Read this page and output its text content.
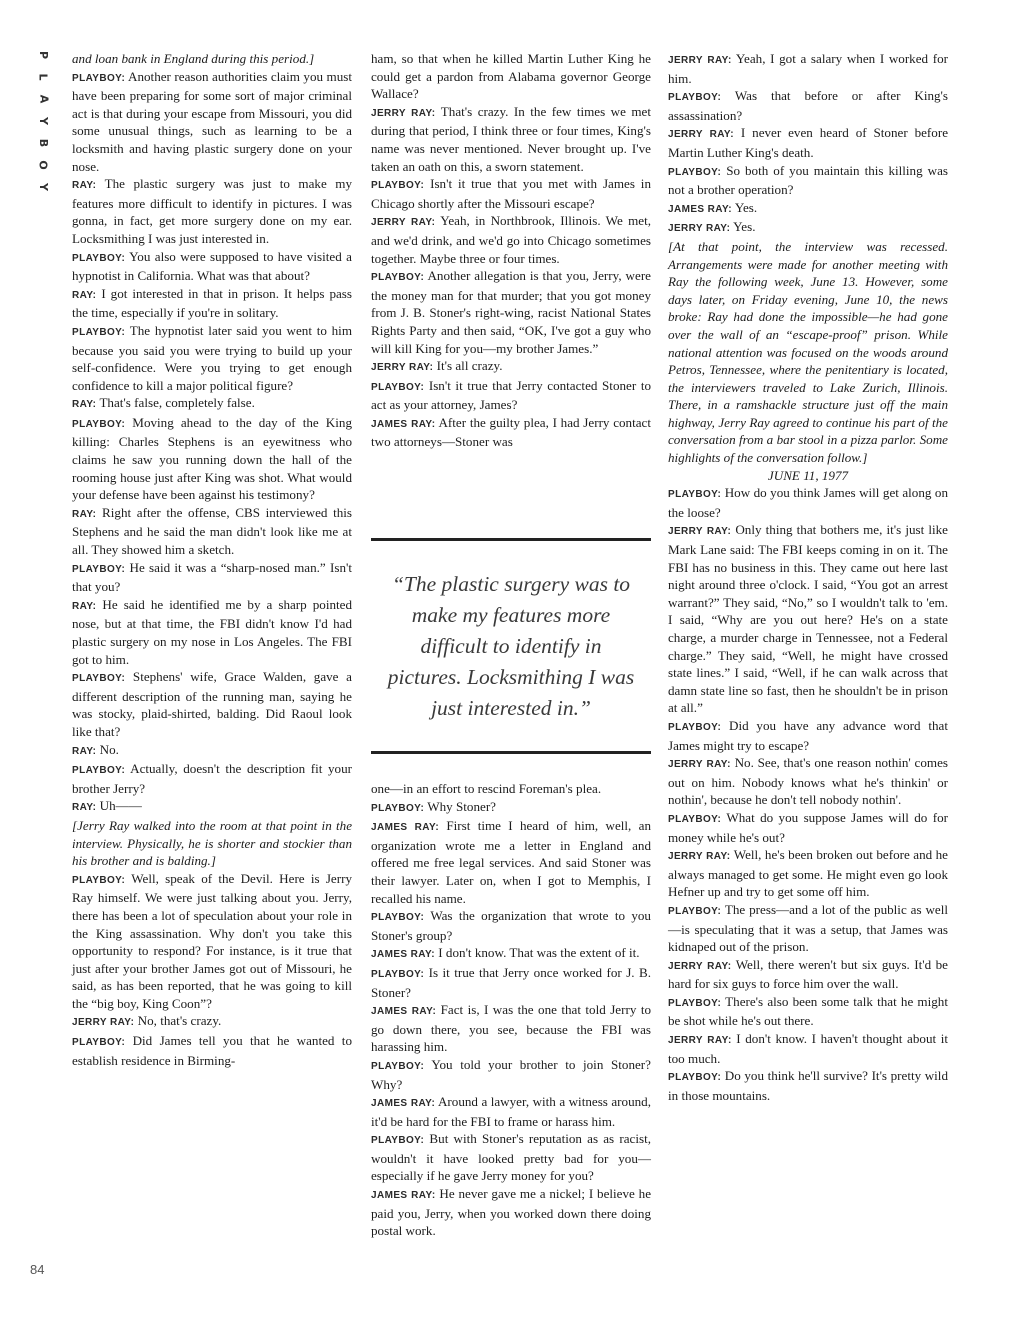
P
L
A
Y
B
O
Y

and loan bank in England during this period.]

PLAYBOY: Another reason authorities claim you must have been preparing for some sort of major criminal act is that during your escape from Missouri, you did some unusual things, such as learning to be a locksmith and having plastic surgery done on your nose.

RAY: The plastic surgery was just to make my features more difficult to identify in pictures. I was gonna, in fact, get more surgery done on my ear. Locksmithing I was just interested in.

PLAYBOY: You also were supposed to have visited a hypnotist in California. What was that about?

RAY: I got interested in that in prison. It helps pass the time, especially if you're in solitary.

PLAYBOY: The hypnotist later said you went to him because you said you were trying to build up your self-confidence. Were you trying to get enough confidence to kill a major political figure?

RAY: That's false, completely false.

PLAYBOY: Moving ahead to the day of the King killing: Charles Stephens is an eyewitness who claims he saw you running down the hall of the rooming house just after King was shot. What would your defense have been against his testimony?

RAY: Right after the offense, CBS interviewed this Stephens and he said the man didn't look like me at all. They showed him a sketch.

PLAYBOY: He said it was a “sharp-nosed man.” Isn't that you?

RAY: He said he identified me by a sharp pointed nose, but at that time, the FBI didn't know I'd had plastic surgery on my nose in Los Angeles. The FBI got to him.

PLAYBOY: Stephens' wife, Grace Walden, gave a different description of the running man, saying he was stocky, plaid-shirted, balding. Did Raoul look like that?

RAY: No.

PLAYBOY: Actually, doesn't the description fit your brother Jerry?

RAY: Uh——

[Jerry Ray walked into the room at that point in the interview. Physically, he is shorter and stockier than his brother and is balding.]

PLAYBOY: Well, speak of the Devil. Here is Jerry Ray himself. We were just talking about you. Jerry, there has been a lot of speculation about your role in the King assassination. Why don't you take this opportunity to respond? For instance, is it true that just after your brother James got out of Missouri, he said, as has been reported, that he was going to kill the “big boy, King Coon”?

JERRY RAY: No, that's crazy.

PLAYBOY: Did James tell you that he wanted to establish residence in Birming-

ham, so that when he killed Martin Luther King he could get a pardon from Alabama governor George Wallace?

JERRY RAY: That's crazy. In the few times we met during that period, I think three or four times, King's name was never mentioned. Never brought up. I've taken an oath on this, a sworn statement.

PLAYBOY: Isn't it true that you met with James in Chicago shortly after the Missouri escape?

JERRY RAY: Yeah, in Northbrook, Illinois. We met, and we'd drink, and we'd go into Chicago sometimes together. Maybe three or four times.

PLAYBOY: Another allegation is that you, Jerry, were the money man for that murder; that you got money from J. B. Stoner's right-wing, racist National States Rights Party and then said, “OK, I've got a guy who will kill King for you—my brother James.”

JERRY RAY: It's all crazy.

PLAYBOY: Isn't it true that Jerry contacted Stoner to act as your attorney, James?

JAMES RAY: After the guilty plea, I had Jerry contact two attorneys—Stoner was

“The plastic surgery was to make my features more difficult to identify in pictures. Locksmithing I was just interested in.”

one—in an effort to rescind Foreman's plea.

PLAYBOY: Why Stoner?

JAMES RAY: First time I heard of him, well, an organization wrote me a letter in England and offered me free legal services. And said Stoner was their lawyer. Later on, when I got to Memphis, I recalled his name.

PLAYBOY: Was the organization that wrote to you Stoner's group?

JAMES RAY: I don't know. That was the extent of it.

PLAYBOY: Is it true that Jerry once worked for J. B. Stoner?

JAMES RAY: Fact is, I was the one that told Jerry to go down there, you see, because the FBI was harassing him.

PLAYBOY: You told your brother to join Stoner? Why?

JAMES RAY: Around a lawyer, with a witness around, it'd be hard for the FBI to frame or harass him.

PLAYBOY: But with Stoner's reputation as as racist, wouldn't it have looked pretty bad for you—especially if he gave Jerry money for you?

JAMES RAY: He never gave me a nickel; I believe he paid you, Jerry, when you worked down there doing postal work.

JERRY RAY: Yeah, I got a salary when I worked for him.

PLAYBOY: Was that before or after King's assassination?

JERRY RAY: I never even heard of Stoner before Martin Luther King's death.

PLAYBOY: So both of you maintain this killing was not a brother operation?

JAMES RAY: Yes.

JERRY RAY: Yes.

[At that point, the interview was recessed. Arrangements were made for another meeting with Ray the following week, June 13. However, some days later, on Friday evening, June 10, the news broke: Ray had done the impossible—he had gone over the wall of an “escape-proof” prison. While national attention was focused on the woods around Petros, Tennessee, where the penitentiary is located, the interviewers traveled to Lake Zurich, Illinois. There, in a ramshackle structure just off the main highway, Jerry Ray agreed to continue his part of the conversation from a bar stool in a pizza parlor. Some highlights of the conversation follow.]

JUNE 11, 1977

PLAYBOY: How do you think James will get along on the loose?

JERRY RAY: Only thing that bothers me, it's just like Mark Lane said: The FBI keeps coming in on it. The FBI has no business in this. They came out here last night around three o'clock. I said, “You got an arrest warrant?” They said, “No,” so I wouldn't talk to 'em. I said, “Why are you out here? He's on a state charge, a murder charge in Tennessee, not a Federal charge.” They said, “Well, he might have crossed state lines.” I said, “Well, if he can walk across that damn state line so fast, then he shouldn't be in prison at all.”

PLAYBOY: Did you have any advance word that James might try to escape?

JERRY RAY: No. See, that's one reason nothin' comes out on him. Nobody knows what he's thinkin' or nothin', because he don't tell nobody nothin'.

PLAYBOY: What do you suppose James will do for money while he's out?

JERRY RAY: Well, he's been broken out before and he always managed to get some. He might even go look Hefner up and try to get some off him.

PLAYBOY: The press—and a lot of the public as well—is speculating that it was a setup, that James was kidnaped out of the prison.

JERRY RAY: Well, there weren't but six guys. It'd be hard for six guys to force him over the wall.

PLAYBOY: There's also been some talk that he might be shot while he's out there.

JERRY RAY: I don't know. I haven't thought about it too much.

PLAYBOY: Do you think he'll survive? It's pretty wild in those mountains.

84
